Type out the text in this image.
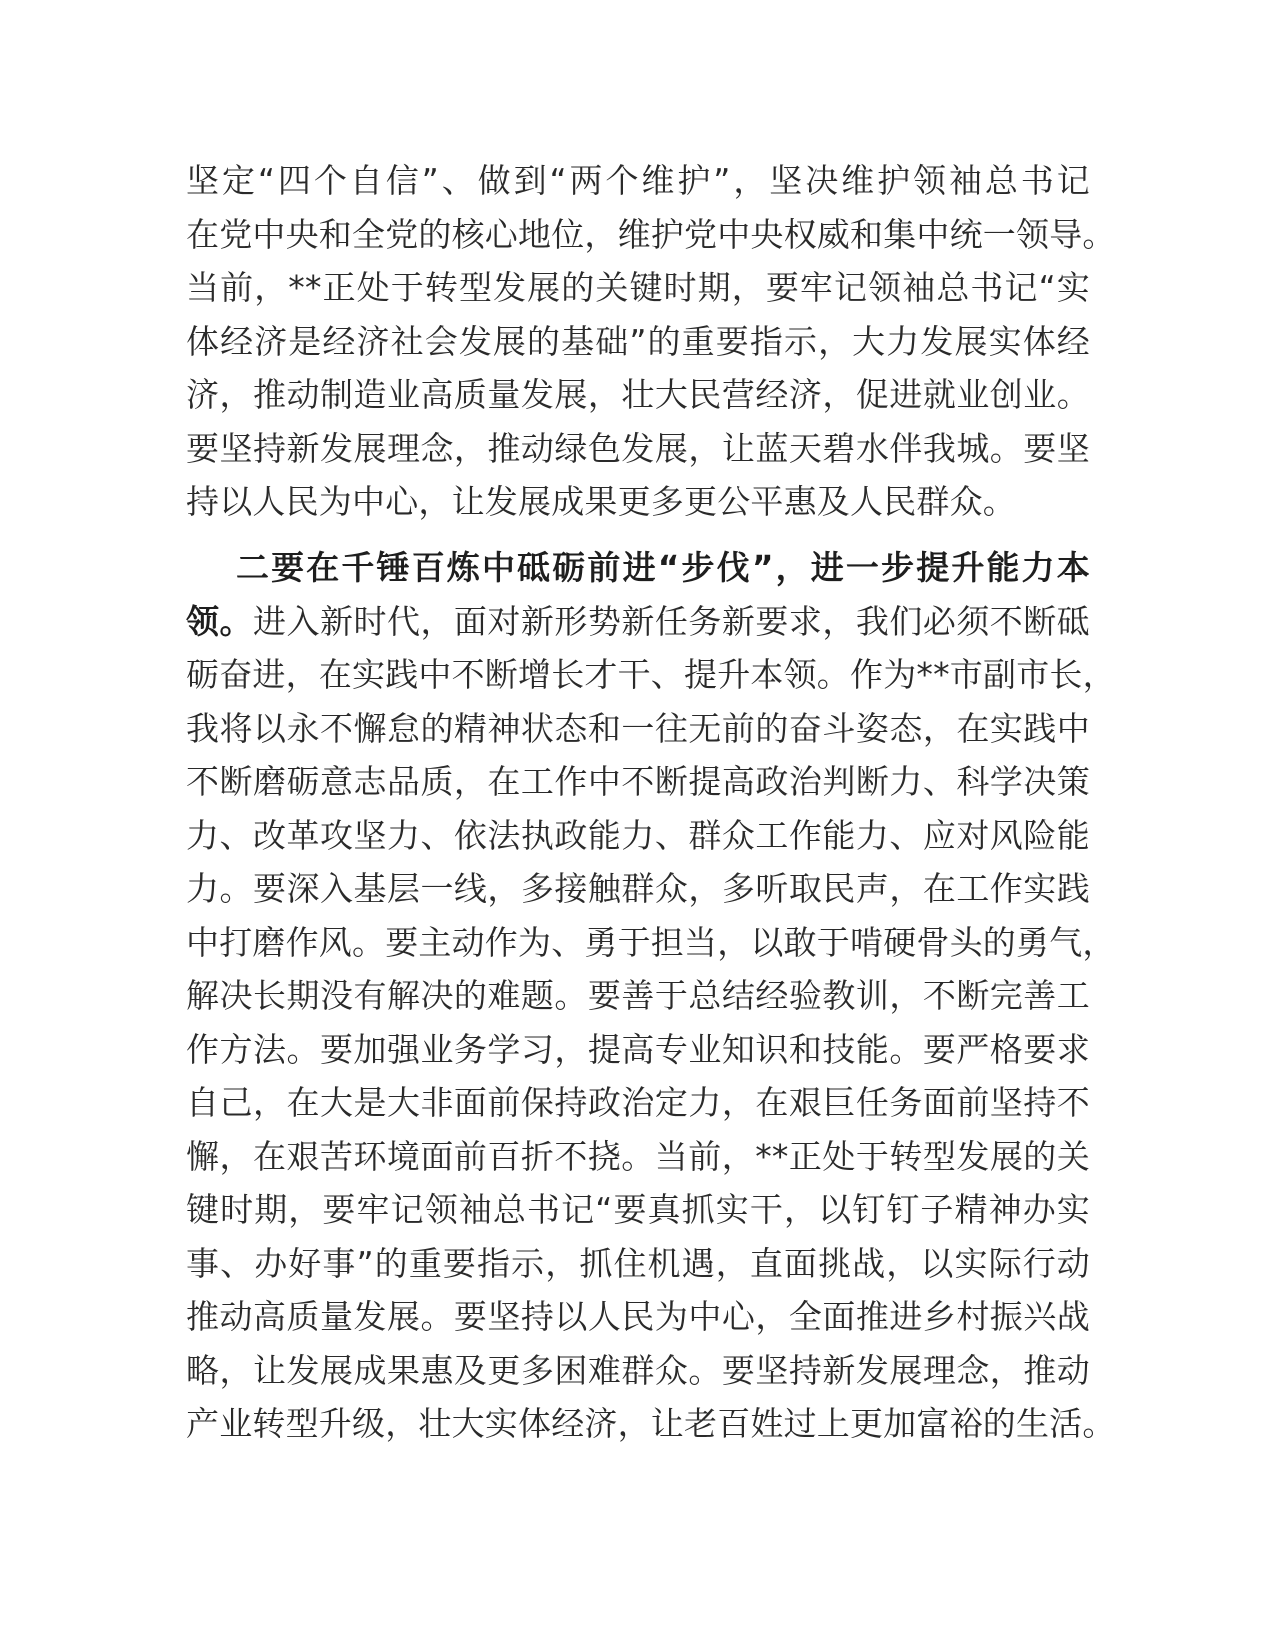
坚定“四个自信”、做到“两个维护”，坚决维护领袖总书记
在党中央和全党的核心地位，维护党中央权威和集中统一领导。
当前，**正处于转型发展的关键时期，要牢记领袖总书记“实
体经济是经济社会发展的基础”的重要指示，大力发展实体经
济，推动制造业高质量发展，壮大民营经济，促进就业创业。
要坚持新发展理念，推动绿色发展，让蓝天碧水伴我城。要坚
持以人民为中心，让发展成果更多更公平惠及人民群众。
二要在千锤百炼中砥砺前进“步伐”，进一步提升能力本
领。进入新时代，面对新形势新任务新要求，我们必须不断砥
砺奋进，在实践中不断增长才干、提升本领。作为**市副市长，
我将以永不懈怠的精神状态和一往无前的奋斗姿态，在实践中
不断磨砺意志品质，在工作中不断提高政治判断力、科学决策
力、改革攻坚力、依法执政能力、群众工作能力、应对风险能
力。要深入基层一线，多接触群众，多听取民声，在工作实践
中打磨作风。要主动作为、勇于担当，以敢于啃硬骨头的勇气，
解决长期没有解决的难题。要善于总结经验教训，不断完善工
作方法。要加强业务学习，提高专业知识和技能。要严格要求
自己，在大是大非面前保持政治定力，在艰巨任务面前坚持不
懈，在艰苦环境面前百折不挠。当前，**正处于转型发展的关
键时期，要牢记领袖总书记“要真抓实干，以钉钉子精神办实
事、办好事”的重要指示，抓住机遇，直面挑战，以实际行动
推动高质量发展。要坚持以人民为中心，全面推进乡村振兴战
略，让发展成果惠及更多困难群众。要坚持新发展理念，推动
产业转型升级，壮大实体经济，让老百姓过上更加富裕的生活。
